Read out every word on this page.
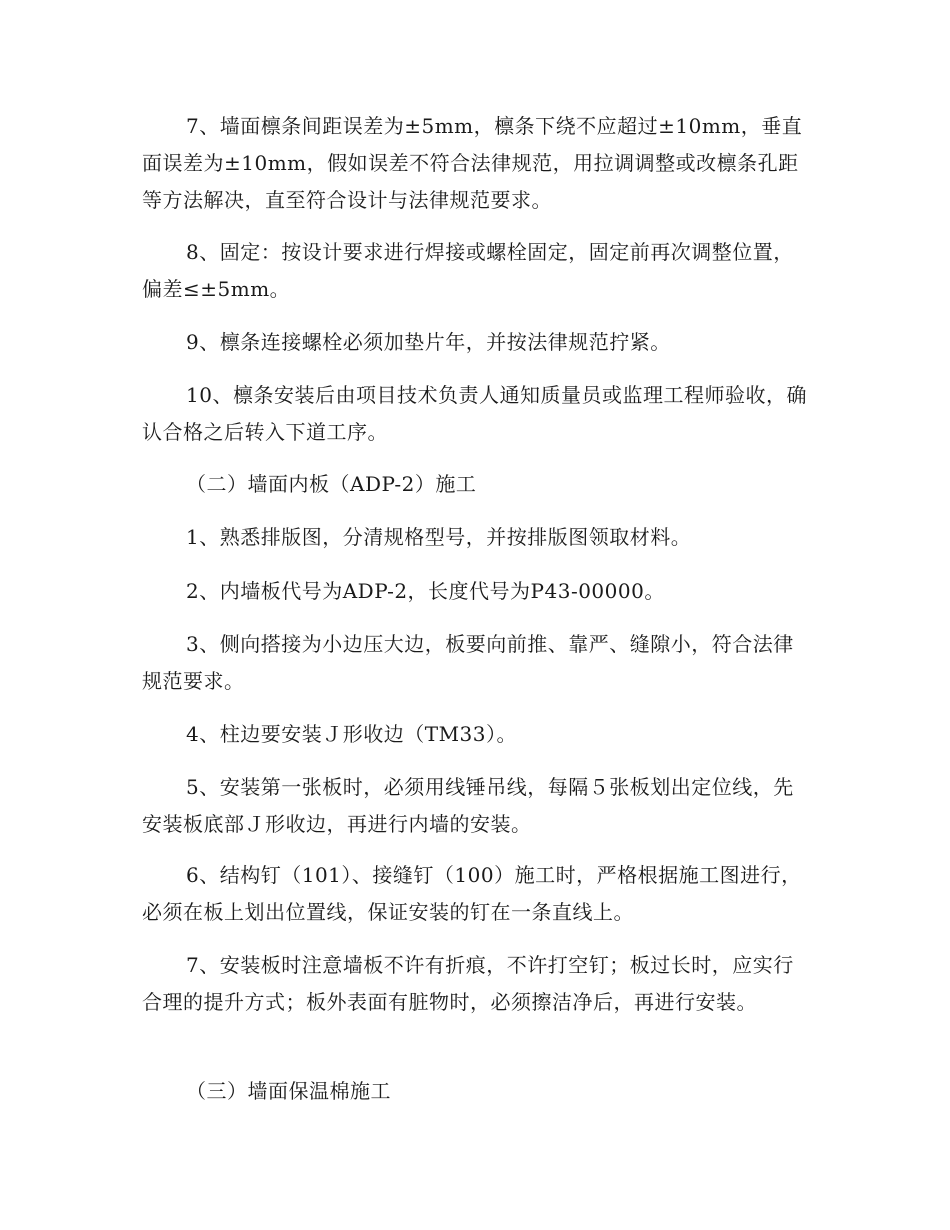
7、墙面檩条间距误差为±5mm，檩条下绕不应超过±10mm，垂直面误差为±10mm，假如误差不符合法律规范，用拉调调整或改檩条孔距等方法解决，直至符合设计与法律规范要求。

8、固定：按设计要求进行焊接或螺栓固定，固定前再次调整位置，偏差≤±5mm。

9、檩条连接螺栓必须加垫片年，并按法律规范拧紧。

10、檩条安装后由项目技术负责人通知质量员或监理工程师验收，确认合格之后转入下道工序。

（二）墙面内板（ADP-2）施工

1、熟悉排版图，分清规格型号，并按排版图领取材料。

2、内墙板代号为ADP-2，长度代号为P43-00000。

3、侧向搭接为小边压大边，板要向前推、靠严、缝隙小，符合法律规范要求。

4、柱边要安装Ｊ形收边（TM33）。

5、安装第一张板时，必须用线锤吊线，每隔５张板划出定位线，先安装板底部Ｊ形收边，再进行内墙的安装。

6、结构钉（101）、接缝钉（100）施工时，严格根据施工图进行，必须在板上划出位置线，保证安装的钉在一条直线上。

7、安装板时注意墙板不许有折痕，不许打空钉；板过长时，应实行合理的提升方式；板外表面有脏物时，必须擦洁净后，再进行安装。

（三）墙面保温棉施工
